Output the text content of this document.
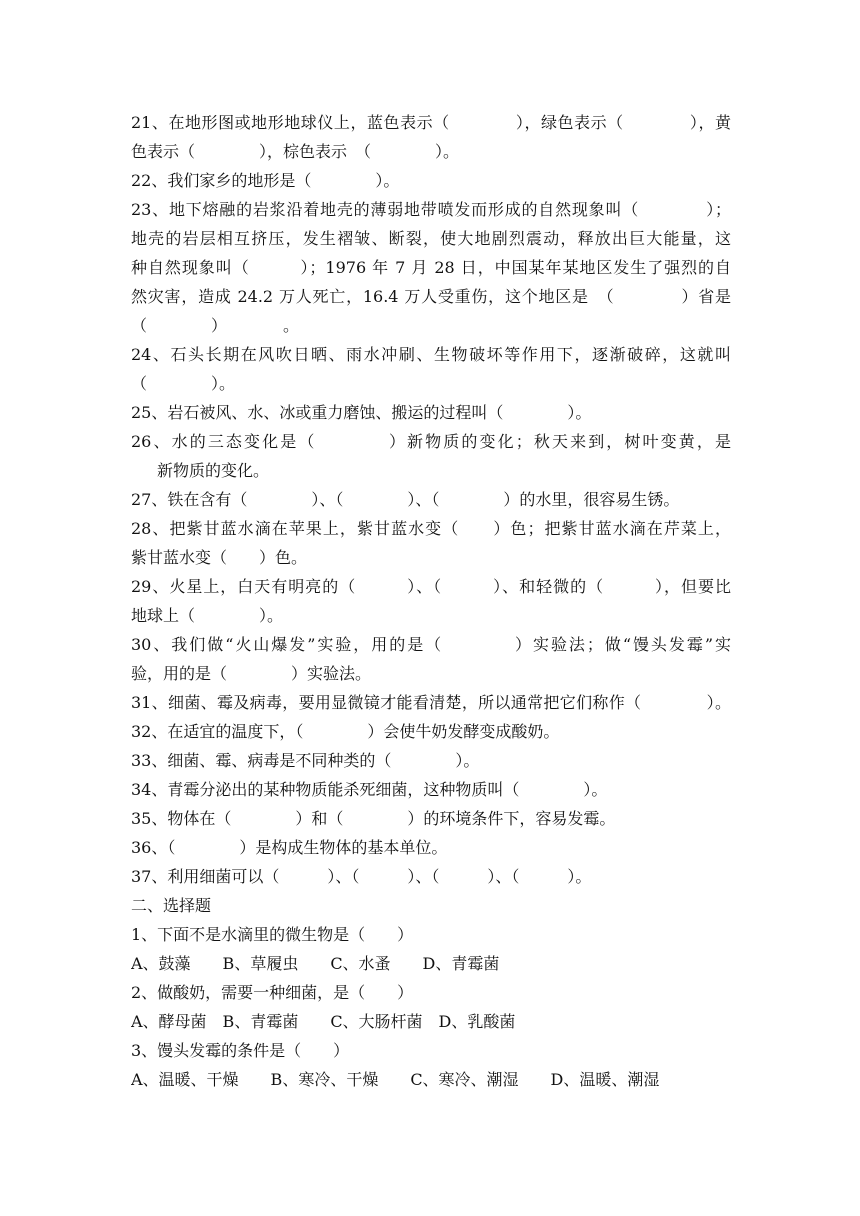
21、在地形图或地形地球仪上，蓝色表示（　　　　），绿色表示（　　　　），黄
色表示（　　　　），棕色表示　（　　　　）。
22、我们家乡的地形是（　　　　）。
23、地下熔融的岩浆沿着地壳的薄弱地带喷发而形成的自然现象叫（　　　　）；
地壳的岩层相互挤压，发生褶皱、断裂，使大地剧烈震动，释放出巨大能量，这
种自然现象叫（　　　）；1976 年 7 月 28 日，中国某年某地区发生了强烈的自
然灾害，造成 24.2 万人死亡，16.4 万人受重伤，这个地区是　（　　　　）省是
（　　　　）　　　　。
24、石头长期在风吹日晒、雨水冲刷、生物破坏等作用下，逐渐破碎，这就叫
（　　　　）。
25、岩石被风、水、冰或重力磨蚀、搬运的过程叫（　　　　）。
26、水的三态变化是（　　　　）新物质的变化；秋天来到，树叶变黄，是　　　
新物质的变化。
27、铁在含有（　　　　）、（　　　　）、（　　　　）的水里，很容易生锈。
28、把紫甘蓝水滴在苹果上，紫甘蓝水变（　　）色；把紫甘蓝水滴在芹菜上，
紫甘蓝水变（　　）色。
29、火星上，白天有明亮的（　　　）、（　　　）、和轻微的（　　　），但要比
地球上（　　　　）。
30、我们做“火山爆发”实验，用的是（　　　　）实验法；做“馒头发霉”实
验，用的是（　　　　）实验法。
31、细菌、霉及病毒，要用显微镜才能看清楚，所以通常把它们称作（　　　　）。
32、在适宜的温度下，（　　　　）会使牛奶发酵变成酸奶。
33、细菌、霉、病毒是不同种类的（　　　　）。
34、青霉分泌出的某种物质能杀死细菌，这种物质叫（　　　　）。
35、物体在（　　　　）和（　　　　）的环境条件下，容易发霉。
36、（　　　　）是构成生物体的基本单位。
37、利用细菌可以（　　　）、（　　　）、（　　　）、（　　　）。
二、选择题
1、下面不是水滴里的微生物是（　　）
A、鼓藻　　B、草履虫　　C、水蚤　　D、青霉菌
2、做酸奶，需要一种细菌，是（　　）
A、酵母菌　B、青霉菌　　C、大肠杆菌　D、乳酸菌
3、馒头发霉的条件是（　　）
A、温暖、干燥　　B、寒冷、干燥　　C、寒冷、潮湿　　D、温暖、潮湿
